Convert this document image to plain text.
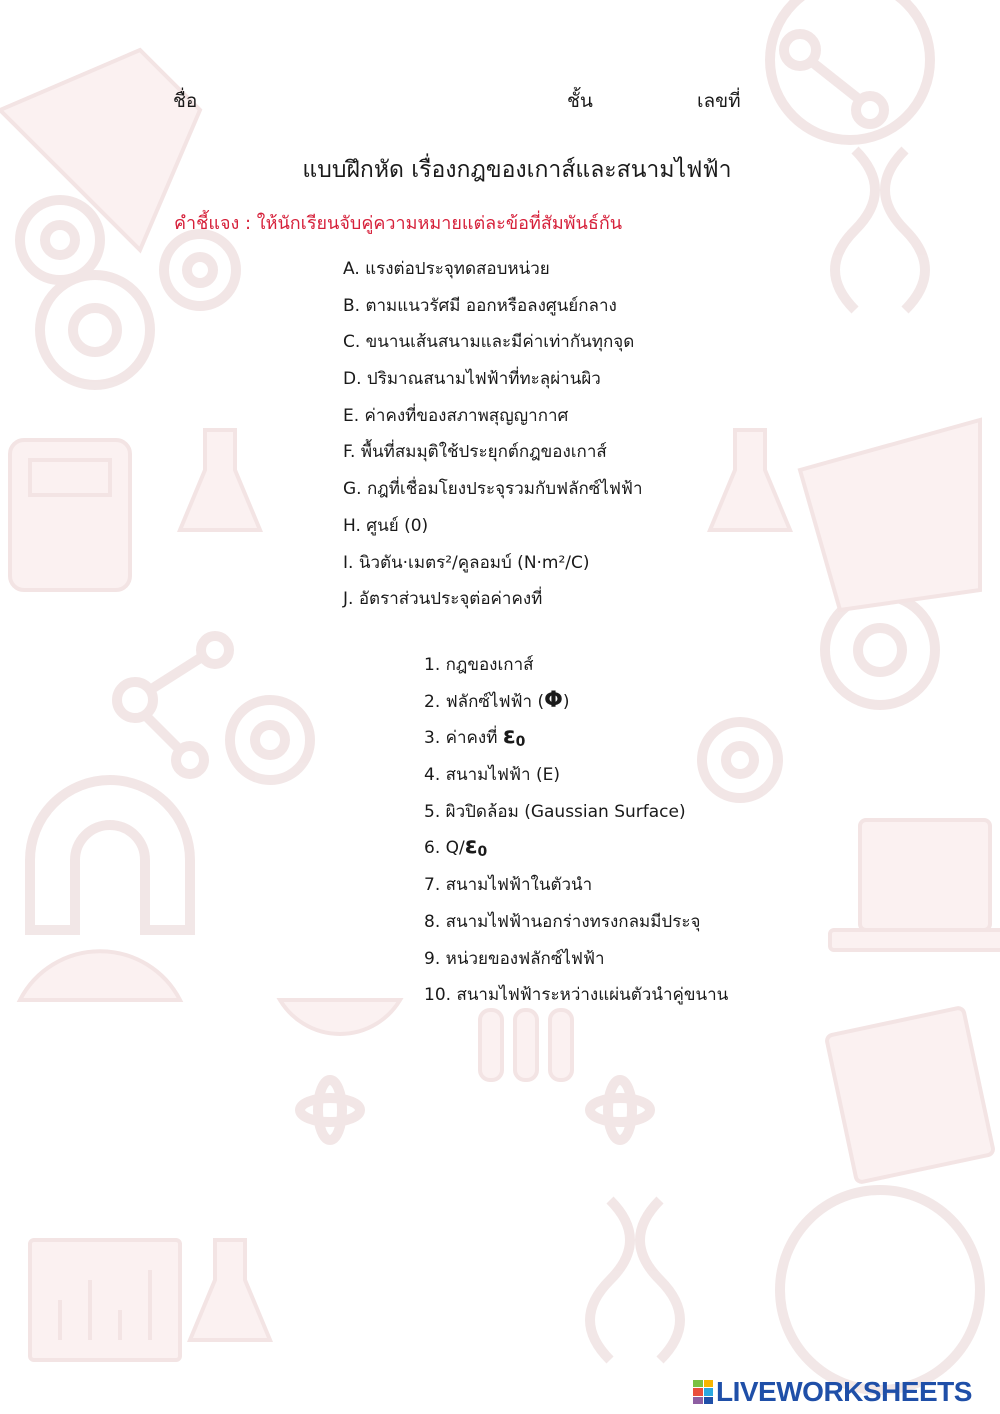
ชื่อ	ชั้น	เลขที่
แบบฝึกหัด เรื่องกฎของเกาส์และสนามไฟฟ้า
คำชี้แจง : ให้นักเรียนจับคู่ความหมายแต่ละข้อที่สัมพันธ์กัน
A. แรงต่อประจุทดสอบหน่วย
B. ตามแนวรัศมี ออกหรือลงศูนย์กลาง
C. ขนานเส้นสนามและมีค่าเท่ากันทุกจุด
D. ปริมาณสนามไฟฟ้าที่ทะลุผ่านผิว
E. ค่าคงที่ของสภาพสุญญากาศ
F. พื้นที่สมมุติใช้ประยุกต์กฎของเกาส์
G. กฎที่เชื่อมโยงประจุรวมกับฟลักซ์ไฟฟ้า
H. ศูนย์ (0)
I. นิวตัน·เมตร²/คูลอมบ์ (N·m²/C)
J. อัตราส่วนประจุต่อค่าคงที่
1. กฎของเกาส์
2. ฟลักซ์ไฟฟ้า (Φ)
3. ค่าคงที่ $\varepsilon_0$
4. สนามไฟฟ้า (E)
5. ผิวปิดล้อม (Gaussian Surface)
6. $Q/\varepsilon_0$
7. สนามไฟฟ้าในตัวนำ
8. สนามไฟฟ้านอกร่างทรงกลมมีประจุ
9. หน่วยของฟลักซ์ไฟฟ้า
10. สนามไฟฟ้าระหว่างแผ่นตัวนำคู่ขนาน
LIVEWORKSHEETS
